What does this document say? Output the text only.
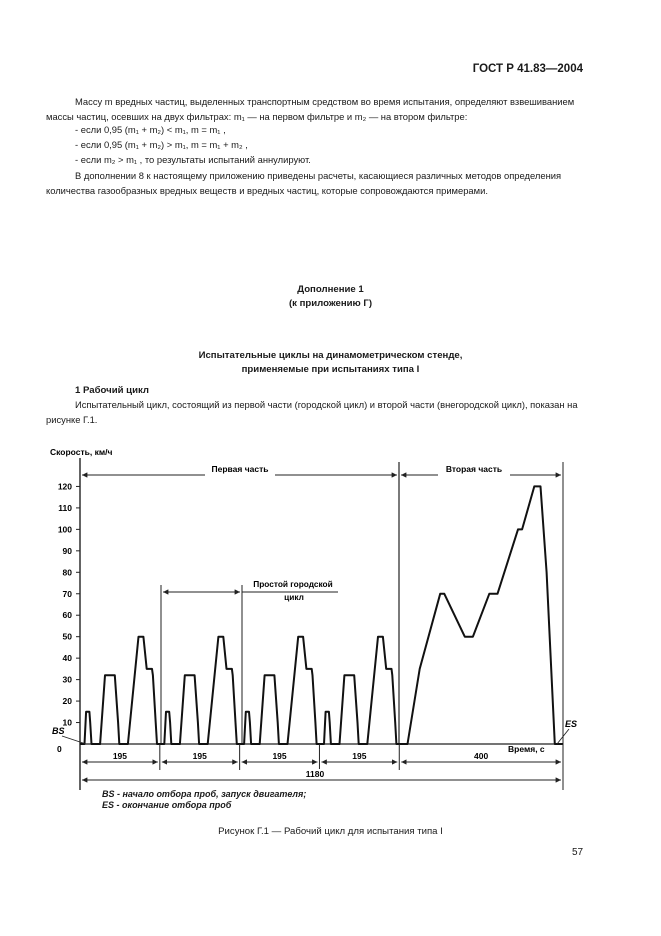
ГОСТ Р 41.83—2004
Массу m вредных частиц, выделенных транспортным средством во время испытания, определяют взвешиванием массы частиц, осевших на двух фильтрах: m₁ — на первом фильтре и m₂ — на втором фильтре:
- если 0,95 (m₁ + m₂) < m₁, m = m₁ ,
- если 0,95 (m₁ + m₂) > m₁, m = m₁ + m₂ ,
- если m₂ > m₁ , то результаты испытаний аннулируют.
В дополнении 8 к настоящему приложению приведены расчеты, касающиеся различных методов определения количества газообразных вредных веществ и вредных частиц, которые сопровождаются примерами.
Дополнение 1
(к приложению Г)
Испытательные циклы на динамометрическом стенде,
применяемые при испытаниях типа I
1 Рабочий цикл
Испытательный цикл, состоящий из первой части (городской цикл) и второй части (внегородской цикл), показан на рисунке Г.1.
10
20
30
40
50
60
70
80
90
100
110
120
Скорость, км/ч
Время, с
0
Первая часть	Вторая часть
Простой городской
цикл
BS
ES
195	195	195	195	400
1180
BS - начало отбора проб, запуск двигателя;
ES - окончание отбора проб
Рисунок Г.1 — Рабочий цикл для испытания типа I
57
